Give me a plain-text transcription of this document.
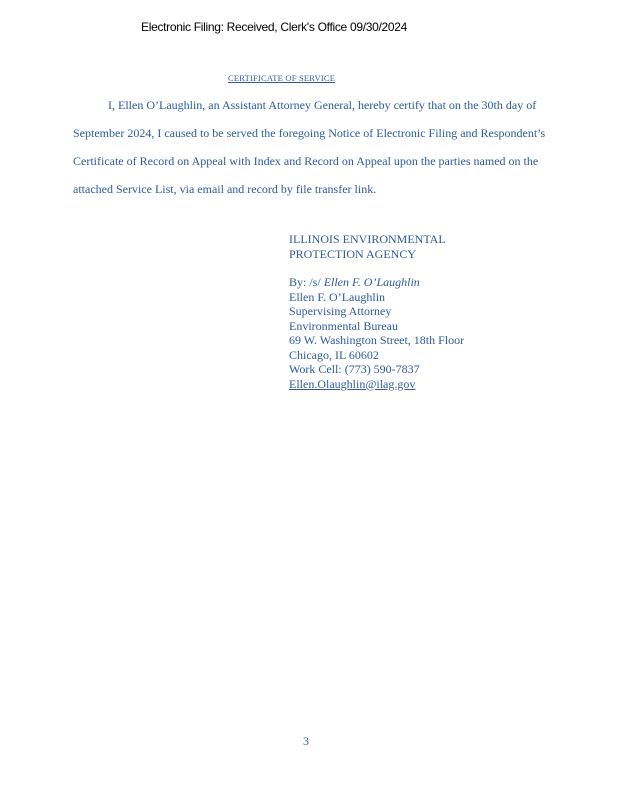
Electronic Filing: Received, Clerk's Office 09/30/2024
CERTIFICATE OF SERVICE
I, Ellen O’Laughlin, an Assistant Attorney General, hereby certify that on the 30th day of
September 2024, I caused to be served the foregoing Notice of Electronic Filing and Respondent’s
Certificate of Record on Appeal with Index and Record on Appeal upon the parties named on the
attached Service List, via email and record by file transfer link.
ILLINOIS ENVIRONMENTAL
PROTECTION AGENCY
By: /s/ Ellen F. O’Laughlin
Ellen F. O’Laughlin
Supervising Attorney
Environmental Bureau
69 W. Washington Street, 18th Floor
Chicago, IL 60602
Work Cell: (773) 590-7837
Ellen.Olaughlin@ilag.gov
3
